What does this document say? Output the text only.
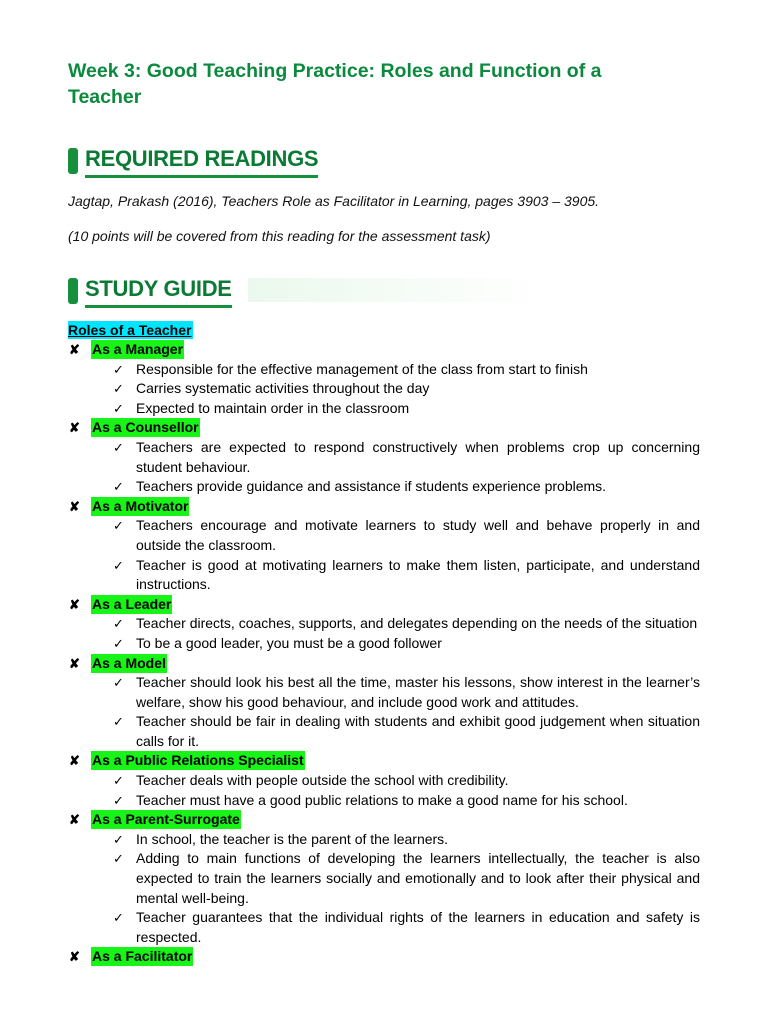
Week 3: Good Teaching Practice: Roles and Function of a Teacher
REQUIRED READINGS
Jagtap, Prakash (2016), Teachers Role as Facilitator in Learning, pages 3903 – 3905.
(10 points will be covered from this reading for the assessment task)
STUDY GUIDE
Roles of a Teacher
✘ As a Manager
✓ Responsible for the effective management of the class from start to finish
✓ Carries systematic activities throughout the day
✓ Expected to maintain order in the classroom
✘ As a Counsellor
✓ Teachers are expected to respond constructively when problems crop up concerning student behaviour.
✓ Teachers provide guidance and assistance if students experience problems.
✘ As a Motivator
✓ Teachers encourage and motivate learners to study well and behave properly in and outside the classroom.
✓ Teacher is good at motivating learners to make them listen, participate, and understand instructions.
✘ As a Leader
✓ Teacher directs, coaches, supports, and delegates depending on the needs of the situation
✓ To be a good leader, you must be a good follower
✘ As a Model
✓ Teacher should look his best all the time, master his lessons, show interest in the learner’s welfare, show his good behaviour, and include good work and attitudes.
✓ Teacher should be fair in dealing with students and exhibit good judgement when situation calls for it.
✘ As a Public Relations Specialist
✓ Teacher deals with people outside the school with credibility.
✓ Teacher must have a good public relations to make a good name for his school.
✘ As a Parent-Surrogate
✓ In school, the teacher is the parent of the learners.
✓ Adding to main functions of developing the learners intellectually, the teacher is also expected to train the learners socially and emotionally and to look after their physical and mental well-being.
✓ Teacher guarantees that the individual rights of the learners in education and safety is respected.
✘ As a Facilitator
